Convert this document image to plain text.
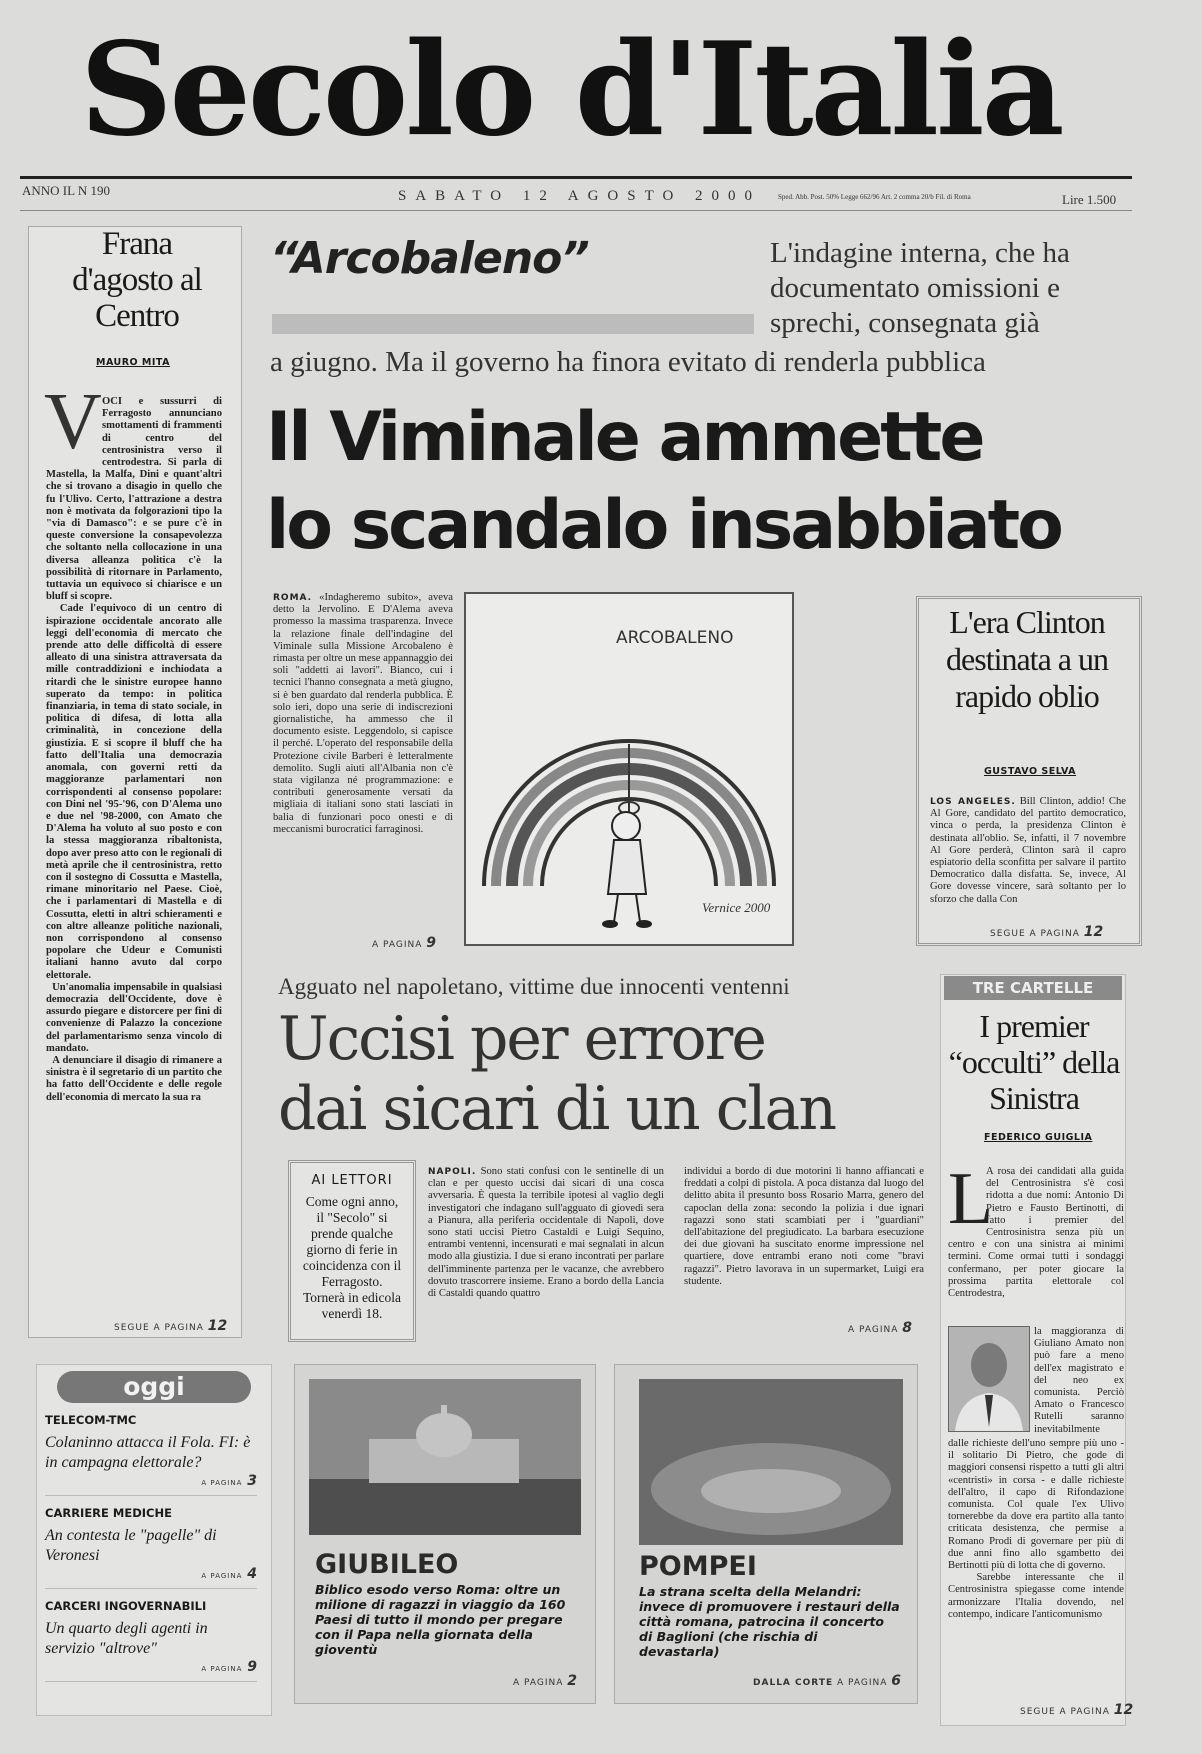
Secolo d'Italia
ANNO IL N 190	SABATO 12 AGOSTO 2000 Sped. Abb. Post. 50% Legge 662/96 Art. 2 comma 20/b Fil. di Roma	Lire 1.500
Frana d'agosto al Centro
MAURO MITA
V OCI e sussurri di Ferragosto annunciano smottamenti di frammenti di centro del centrosinistra verso il centrodestra. Si parla di Mastella, la Malfa, Dini e quant'altri che si trovano a disagio in quello che fu l'Ulivo. Certo, l'attrazione a destra non è motivata da folgorazioni tipo la "via di Damasco": e se pure c'è in queste conversione la consapevolezza che soltanto nella collocazione in una diversa alleanza politica c'è la possibilità di ritornare in Parlamento, tuttavia un equivoco si chiarisce e un bluff si scopre.
Cade l'equivoco di un centro di ispirazione occidentale ancorato alle leggi dell'economia di mercato che prende atto delle difficoltà di essere alleato di una sinistra attraversata da mille contraddizioni e inchiodata a ritardi che le sinistre europee hanno superato da tempo: in politica finanziaria, in tema di stato sociale, in politica di difesa, di lotta alla criminalità, in concezione della giustizia. E si scopre il bluff che ha fatto dell'Italia una democrazia anomala, con governi retti da maggioranze parlamentari non corrispondenti al consenso popolare: con Dini nel '95-'96, con D'Alema uno e due nel '98-2000, con Amato che D'Alema ha voluto al suo posto e con la stessa maggioranza ribaltonista, dopo aver preso atto con le regionali di metà aprile che il centrosinistra, retto con il sostegno di Cossutta e Mastella, rimane minoritario nel Paese. Cioè, che i parlamentari di Mastella e di Cossutta, eletti in altri schieramenti e con altre alleanze politiche nazionali, non corrispondono al consenso popolare che Udeur e Comunisti italiani hanno avuto dal corpo elettorale.
Un'anomalia impensabile in qualsiasi democrazia dell'Occidente, dove è assurdo piegare e distorcere per fini di convenienze di Palazzo la concezione del parlamentarismo senza vincolo di mandato.
A denunciare il disagio di rimanere a sinistra è il segretario di un partito che ha fatto dell'Occidente e delle regole dell'economia di mercato la sua ra
SEGUE A PAGINA 12
“Arcobaleno”	L'indagine interna, che ha documentato omissioni e sprechi, consegnata già
a giugno. Ma il governo ha finora evitato di renderla pubblica
Il Viminale ammette
lo scandalo insabbiato
ROMA. «Indagheremo subito», aveva detto la Jervolino. E D'Alema aveva promesso la massima trasparenza. Invece la relazione finale dell'indagine del Viminale sulla Missione Arcobaleno è rimasta per oltre un mese appannaggio dei soli "addetti ai lavori". Bianco, cui i tecnici l'hanno consegnata a metà giugno, si è ben guardato dal renderla pubblica. È solo ieri, dopo una serie di indiscrezioni giornalistiche, ha ammesso che il documento esiste. Leggendolo, si capisce il perché. L'operato del responsabile della Protezione civile Barberi è letteralmente demolito. Sugli aiuti all'Albania non c'è stata vigilanza né programmazione: e contributi generosamente versati da migliaia di italiani sono stati lasciati in balia di funzionari poco onesti e di meccanismi burocratici farraginosi.
A PAGINA 9
ARCOBALENO
Vernice 2000
L'era Clinton destinata a un rapido oblio
GUSTAVO SELVA
LOS ANGELES. Bill Clinton, addio! Che Al Gore, candidato del partito democratico, vinca o perda, la presidenza Clinton è destinata all'oblio. Se, infatti, il 7 novembre Al Gore perderà, Clinton sarà il capro espiatorio della sconfitta per salvare il partito Democratico dalla disfatta. Se, invece, Al Gore dovesse vincere, sarà soltanto per lo sforzo che dalla Con
SEGUE A PAGINA 12
Agguato nel napoletano, vittime due innocenti ventenni
Uccisi per errore
dai sicari di un clan
AI LETTORI
Come ogni anno, il "Secolo" si prende qualche giorno di ferie in coincidenza con il Ferragosto. Tornerà in edicola venerdì 18.
NAPOLI. Sono stati confusi con le sentinelle di un clan e per questo uccisi dai sicari di una cosca avversaria. È questa la terribile ipotesi al vaglio degli investigatori che indagano sull'agguato di giovedì sera a Pianura, alla periferia occidentale di Napoli, dove sono stati uccisi Pietro Castaldi e Luigi Sequino, entrambi ventenni, incensurati e mai segnalati in alcun modo alla giustizia. I due si erano incontrati per parlare dell'imminente partenza per le vacanze, che avrebbero dovuto trascorrere insieme. Erano a bordo della Lancia di Castaldi quando quattro
individui a bordo di due motorini li hanno affiancati e freddati a colpi di pistola. A poca distanza dal luogo del delitto abita il presunto boss Rosario Marra, genero del capoclan della zona: secondo la polizia i due ignari ragazzi sono stati scambiati per i "guardiani" dell'abitazione del pregiudicato. La barbara esecuzione dei due giovani ha suscitato enorme impressione nel quartiere, dove entrambi erano noti come "bravi ragazzi". Pietro lavorava in un supermarket, Luigi era studente.
A PAGINA 8
TRE CARTELLE
I premier “occulti” della Sinistra
FEDERICO GUIGLIA
L
A rosa dei candidati alla guida del Centrosinistra s'è così ridotta a due nomi: Antonio Di Pietro e Fausto Bertinotti, di fatto i premier del Centrosinistra senza più un centro e con una sinistra ai minimi termini. Come ormai tutti i sondaggi confermano, per poter giocare la prossima partita elettorale col Centrodestra,
la maggioranza di Giuliano Amato non può fare a meno dell'ex magistrato e del neo ex comunista. Perciò Amato o Francesco Rutelli saranno inevitabilmente
dalle richieste dell'uno sempre più uno - il solitario Di Pietro, che gode di maggiori consensi rispetto a tutti gli altri «centristi» in corsa - e dalle richieste dell'altro, il capo di Rifondazione comunista. Col quale l'ex Ulivo tornerebbe da dove era partito alla tanto criticata desistenza, che permise a Romano Prodi di governare per più di due anni fino allo sgambetto dei Bertinotti più di lotta che di governo.
Sarebbe interessante che il Centrosinistra spiegasse come intende armonizzare l'Italia dovendo, nel contempo, indicare l'anticomunismo
SEGUE A PAGINA 12
oggi
TELECOM-TMC
Colaninno attacca il Fola. FI: è in campagna elettorale?
A PAGINA 3
CARRIERE MEDICHE
An contesta le "pagelle" di Veronesi
A PAGINA 4
CARCERI INGOVERNABILI
Un quarto degli agenti in servizio "altrove"
A PAGINA 9
GIUBILEO
Biblico esodo verso Roma: oltre un milione di ragazzi in viaggio da 160 Paesi di tutto il mondo per pregare con il Papa nella giornata della gioventù
A PAGINA 2
POMPEI
La strana scelta della Melandri: invece di promuovere i restauri della città romana, patrocina il concerto di Baglioni (che rischia di devastarla)
DALLA CORTE A PAGINA 6
